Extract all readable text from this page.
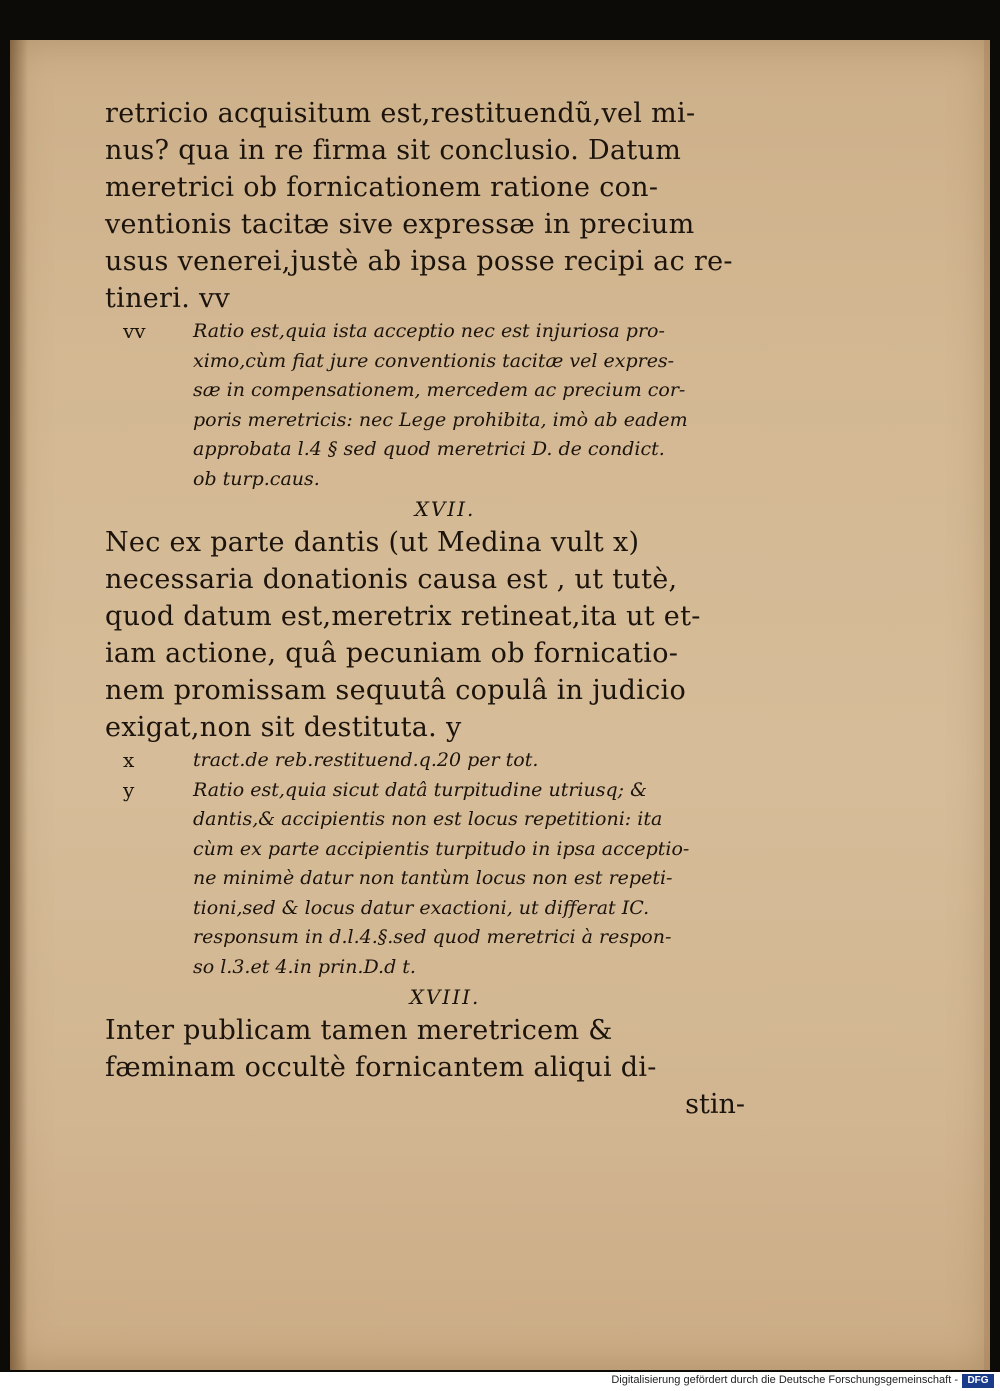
retricio acquisitum est,restituendũ,vel mi-
nus? qua in re firma sit conclusio. Datum
meretrici ob fornicationem ratione con-
ventionis tacitæ sive expressæ in precium
usus venerei,justè ab ipsa posse recipi ac re-
tineri. vv
vv Ratio est,quia ista acceptio nec est injuriosa pro-
ximo,cùm fiat jure conventionis tacitæ vel expres-
sæ in compensationem, mercedem ac precium cor-
poris meretricis: nec Lege prohibita, imò ab eadem
approbata l.4 § sed quod meretrici D. de condict.
ob turp.caus.
XVII.
Nec ex parte dantis (ut Medina vult x)
necessaria donationis causa est , ut tutè,
quod datum est,meretrix retineat,ita ut et-
iam actione, quâ pecuniam ob fornicatio-
nem promissam sequutâ copulâ in judicio
exigat,non sit destituta. y
x	tract.de reb.restituend.q.20 per tot.
y	Ratio est,quia sicut datâ turpitudine utriusq; &
dantis,& accipientis non est locus repetitioni: ita
cùm ex parte accipientis turpitudo in ipsa acceptio-
ne minimè datur non tantùm locus non est repeti-
tioni,sed & locus datur exactioni, ut differat IC.
responsum in d.l.4.§.sed quod meretrici à respon-
so l.3.et 4.in prin.D.d t.
XVIII.
Inter publicam tamen meretricem &
fæminam occultè fornicantem aliqui di-
stin-
Digitalisierung gefördert durch die Deutsche Forschungsgemeinschaft - DFG
